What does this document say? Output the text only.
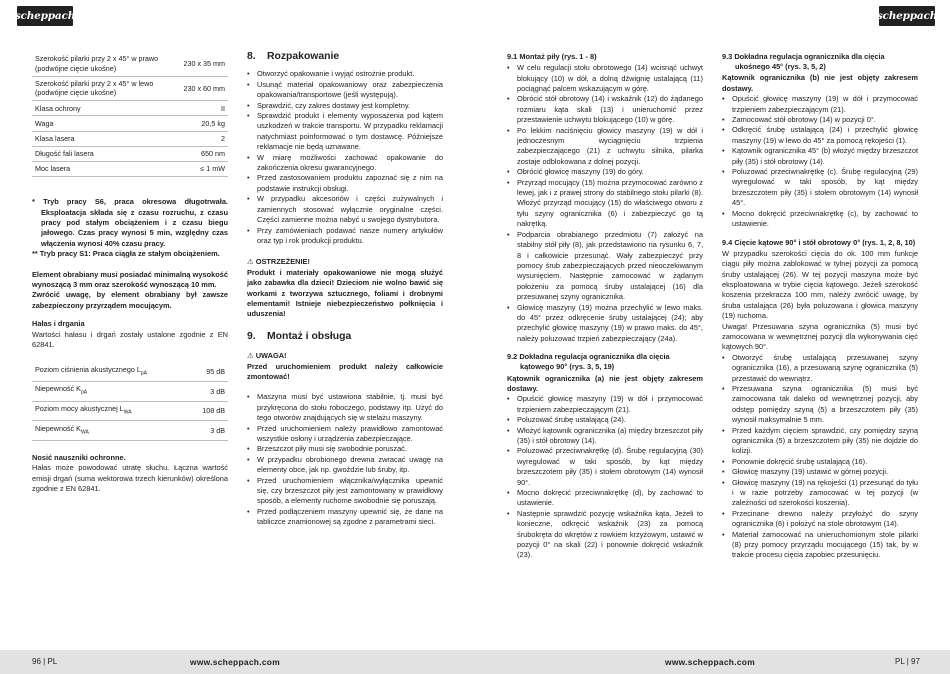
scheppach	scheppach
Szerokość pilarki przy 2 x 45° w prawo (podwójne cięcie ukośne)	230 x 35 mm
Szerokość pilarki przy 2 x 45° w lewo (podwójne cięcie ukośne)	230 x 60 mm
Klasa ochrony	II
Waga	20,5 kg
Klasa lasera	2
Długość fali lasera	650 nm
Moc lasera	≤ 1 mW

* Tryb pracy S6, praca okresowa długotrwała. Eksploatacja składa się z czasu rozruchu, z czasu pracy pod stałym obciążeniem i z czasu biegu jałowego. Czas pracy wynosi 5 min, względny czas włączenia wynosi 40% czasu pracy.

** Tryb pracy S1: Praca ciągła ze stałym obciążeniem.

Element obrabiany musi posiadać minimalną wysokość wynoszącą 3 mm oraz szerokość wynoszącą 10 mm.

Zwrócić uwagę, by element obrabiany był zawsze zabezpieczony przyrządem mocującym.

Hałas i drgania

Wartości hałasu i drgań zostały ustalone zgodnie z EN 62841.

Poziom ciśnienia akustycznego $L_{pA}$	95 dB
Niepewność $K_{pA}$	3 dB
Poziom mocy akustycznej $L_{WA}$	108 dB
Niepewność $K_{WA}$	3 dB

Nosić nauszniki ochronne.

Hałas może powodować utratę słuchu. Łączna wartość emisji drgań (suma wektorowa trzech kierunków) określona zgodnie z EN 62841.

8. Rozpakowanie
• Otworzyć opakowanie i wyjąć ostrożnie produkt.
• Usunąć materiał opakowaniowy oraz zabezpieczenia opakowania/transportowe (jeśli występują).
• Sprawdzić, czy zakres dostawy jest kompletny.
• Sprawdzić produkt i elementy wyposażenia pod kątem uszkodzeń w trakcie transportu. W przypadku reklamacji natychmiast poinformować o tym dostawcę. Późniejsze reklamacje nie będą uznawane.
• W miarę możliwości zachować opakowanie do zakończenia okresu gwarancyjnego.
• Przed zastosowaniem produktu zapoznać się z nim na podstawie instrukcji obsługi.
• W przypadku akcesoriów i części zużywalnych i zamiennych stosować wyłącznie oryginalne części. Części zamienne można nabyć u swojego dystrybutora.
• Przy zamówieniach podawać nasze numery artykułów oraz typ i rok produkcji produktu.

⚠ OSTRZEŻENIE!

Produkt i materiały opakowaniowe nie mogą służyć jako zabawka dla dzieci! Dzieciom nie wolno bawić się workami z tworzywa sztucznego, foliami i drobnymi elementami! Istnieje niebezpieczeństwo połknięcia i uduszenia!

9. Montaż i obsługa

⚠ UWAGA!

Przed uruchomieniem produkt należy całkowicie zmontować!

• Maszyna musi być ustawiona stabilnie, tj. musi być przykręcona do stołu roboczego, podstawy itp. Użyć do tego otworów znajdujących się w stelażu maszyny.
• Przed uruchomieniem należy prawidłowo zamontować wszystkie osłony i urządzenia zabezpieczające.
• Brzeszczot piły musi się swobodnie poruszać.
• W przypadku obrobionego drewna zwracać uwagę na elementy obce, jak np. gwoździe lub śruby, itp.
• Przed uruchomieniem włącznika/wyłącznika upewnić się, czy brzeszczot piły jest zamontowany w prawidłowy sposób, a elementy ruchome swobodnie się poruszają.
• Przed podłączeniem maszyny upewnić się, że dane na tabliczce znamionowej są zgodne z parametrami sieci.
9.1 Montaż piły (rys. 1 - 8)
• W celu regulacji stołu obrotowego (14) wcisnąć uchwyt blokujący (10) w dół, a dolną dźwignię ustalającą (11) pociągnąć palcem wskazującym w górę.
• Obrócić stół obrotowy (14) i wskaźnik (12) do żądanego rozmiaru kąta skali (13) i unieruchomić przez przestawienie uchwytu blokującego (10) w górę.
• Po lekkim naciśnięciu głowicy maszyny (19) w dół i jednoczesnym wyciągnięciu trzpienia zabezpieczającego (21) z uchwytu silnika, pilarka zostaje odblokowana z dolnej pozycji.
• Obrócić głowicę maszyny (19) do góry.
• Przyrząd mocujący (15) można przymocować zarówno z lewej, jak i z prawej strony do stabilnego stołu pilarki (8). Włożyć przyrząd mocujący (15) do właściwego otworu z tyłu szyny ogranicznika (6) i zabezpieczyć go tą nakrętką.
• Podparcia obrabianego przedmiotu (7) założyć na stabilny stół piły (8), jak przedstawiono na rysunku 6, 7, 8 i całkowicie przesunąć. Wały zabezpieczyć przy pomocy śrub zabezpieczających przed nieoczekiwanym wysunięciem. Następnie zamocować w żądanym położeniu za pomocą śruby ustalającej (16) dla przesuwanej szyny ogranicznika.
• Głowicę maszyny (19) można przechylić w lewo maks. do 45° przez odkręcenie śruby ustalającej (24); aby przechylić głowicę maszyny (19) w prawo maks. do 45°, należy poluzować trzpień zabezpieczający (24a).
9.2 Dokładna regulacja ogranicznika dla cięcia kątowego 90° (rys. 3, 5, 19)

Kątownik ogranicznika (a) nie jest objęty zakresem dostawy.

• Opuścić głowicę maszyny (19) w dół i przymocować trzpieniem zabezpieczającym (21).
• Poluzować śrubę ustalającą (24).
• Włożyć kątownik ogranicznika (a) między brzeszczot piły (35) i stół obrotowy (14).
• Poluzować przeciwnakrętkę (d). Śrubę regulacyjną (30) wyregulować w taki sposób, by kąt między brzeszczotem piły (35) i stołem obrotowym (14) wynosił 90°.
• Mocno dokręcić przeciwnakrętkę (d), by zachować to ustawienie.
• Następnie sprawdzić pozycję wskaźnika kąta. Jeżeli to konieczne, odkręcić wskaźnik (23) za pomocą śrubokręta do wkrętów z rowkiem krzyżowym, ustawić w pozycji 0° na skali (22) i ponownie dokręcić wskaźnik (23).
9.3 Dokładna regulacja ogranicznika dla cięcia ukośnego 45° (rys. 3, 5, 2)

Kątownik ogranicznika (b) nie jest objęty zakresem dostawy.

• Opuścić głowicę maszyny (19) w dół i przymocować trzpieniem zabezpieczającym (21).
• Zamocować stół obrotowy (14) w pozycji 0°.
• Odkręcić śrubę ustalającą (24) i przechylić głowicę maszyny (19) w lewo do 45° za pomocą rękojeści (1).
• Kątownik ogranicznika 45° (b) włożyć między brzeszczot piły (35) i stół obrotowy (14).
• Poluzować przeciwnakrętkę (c). Śrubę regulacyjną (29) wyregulować w taki sposób, by kąt między brzeszczotem piły (35) i stołem obrotowym (14) wynosił 45°.
• Mocno dokręcić przeciwnakrętkę (c), by zachować to ustawienie.
9.4 Cięcie kątowe 90° i stół obrotowy 0° (rys. 1, 2, 8, 10)

W przypadku szerokości cięcia do ok. 100 mm funkcje ciągu piły można zablokować w tylnej pozycji za pomocą śruby ustalającej (26). W tej pozycji maszyna może być eksploatowana w trybie cięcia kątowego. Jeżeli szerokość koszenia przekracza 100 mm, należy zwrócić uwagę, by śruba ustalająca (26) była poluzowana i głowica maszyny (19) ruchoma.

Uwaga! Przesuwana szyna ogranicznika (5) musi być zamocowana w wewnętrznej pozycji dla wykonywania cięć kątowych 90°.

• Otworzyć śrubę ustalającą przesuwanej szyny ogranicznika (16), a przesuwaną szynę ogranicznika (5) przestawić do wewnątrz.
• Przesuwana szyna ogranicznika (5) musi być zamocowana tak daleko od wewnętrznej pozycji, aby odstęp pomiędzy szyną (5) a brzeszczotem piły (35) wynosił maksymalnie 5 mm.
• Przed każdym cięciem sprawdzić, czy pomiędzy szyną ogranicznika (5) a brzeszczotem piły (35) nie dojdzie do kolizji.
• Ponownie dokręcić śrubę ustalającą (16).
• Głowicę maszyny (19) ustawić w górnej pozycji.
• Głowicę maszyny (19) na rękojeści (1) przesunąć do tyłu i w razie potrzeby zamocować w tej pozycji (w zależności od szerokości koszenia).
• Przecinane drewno należy przyłożyć do szyny ogranicznika (6) i położyć na stole obrotowym (14).
• Materiał zamocować na unieruchomionym stole pilarki (8) przy pomocy przyrządu mocującego (15) tak, by w trakcie procesu cięcia zapobiec przesunięciu.
96 | PL	www.scheppach.com	www.scheppach.com	PL | 97
